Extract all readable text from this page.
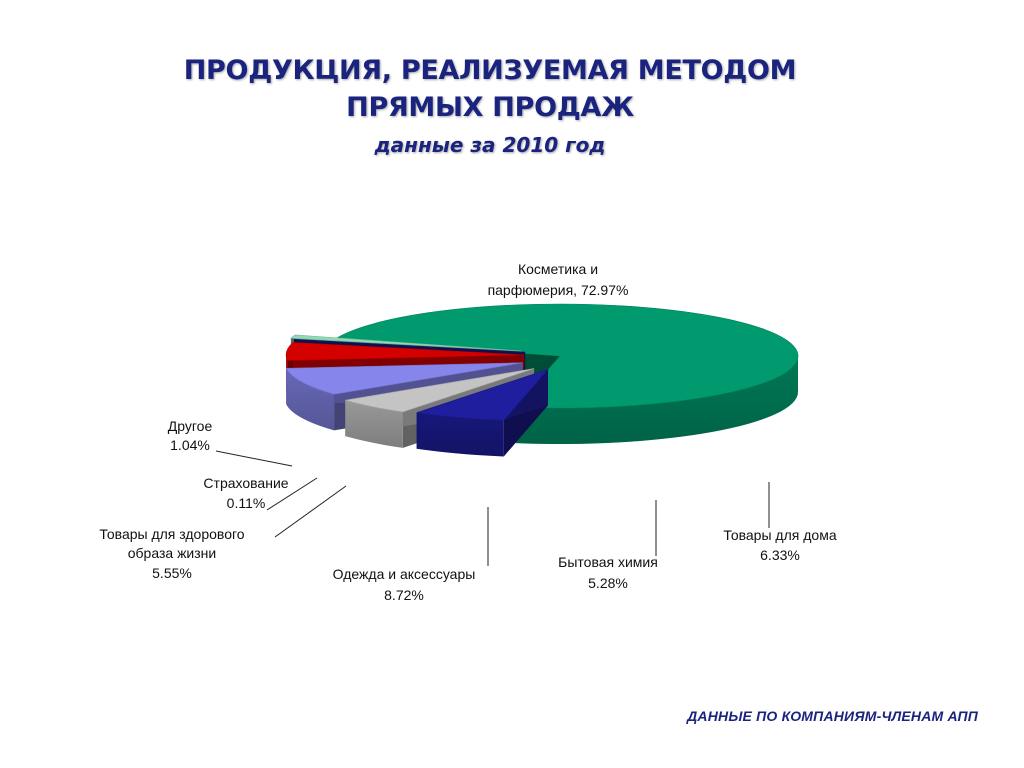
ПРОДУКЦИЯ, РЕАЛИЗУЕМАЯ МЕТОДОМ
ПРЯМЫХ ПРОДАЖ
данные за 2010 год
Косметика и
парфюмерия, 72.97%
Товары для дома
6.33%
Бытовая химия
5.28%
Одежда и аксессуары
8.72%
Товары для здорового
образа жизни
5.55%
Страхование
0.11%
Другое
1.04%
ДАННЫЕ ПО КОМПАНИЯМ-ЧЛЕНАМ АПП
